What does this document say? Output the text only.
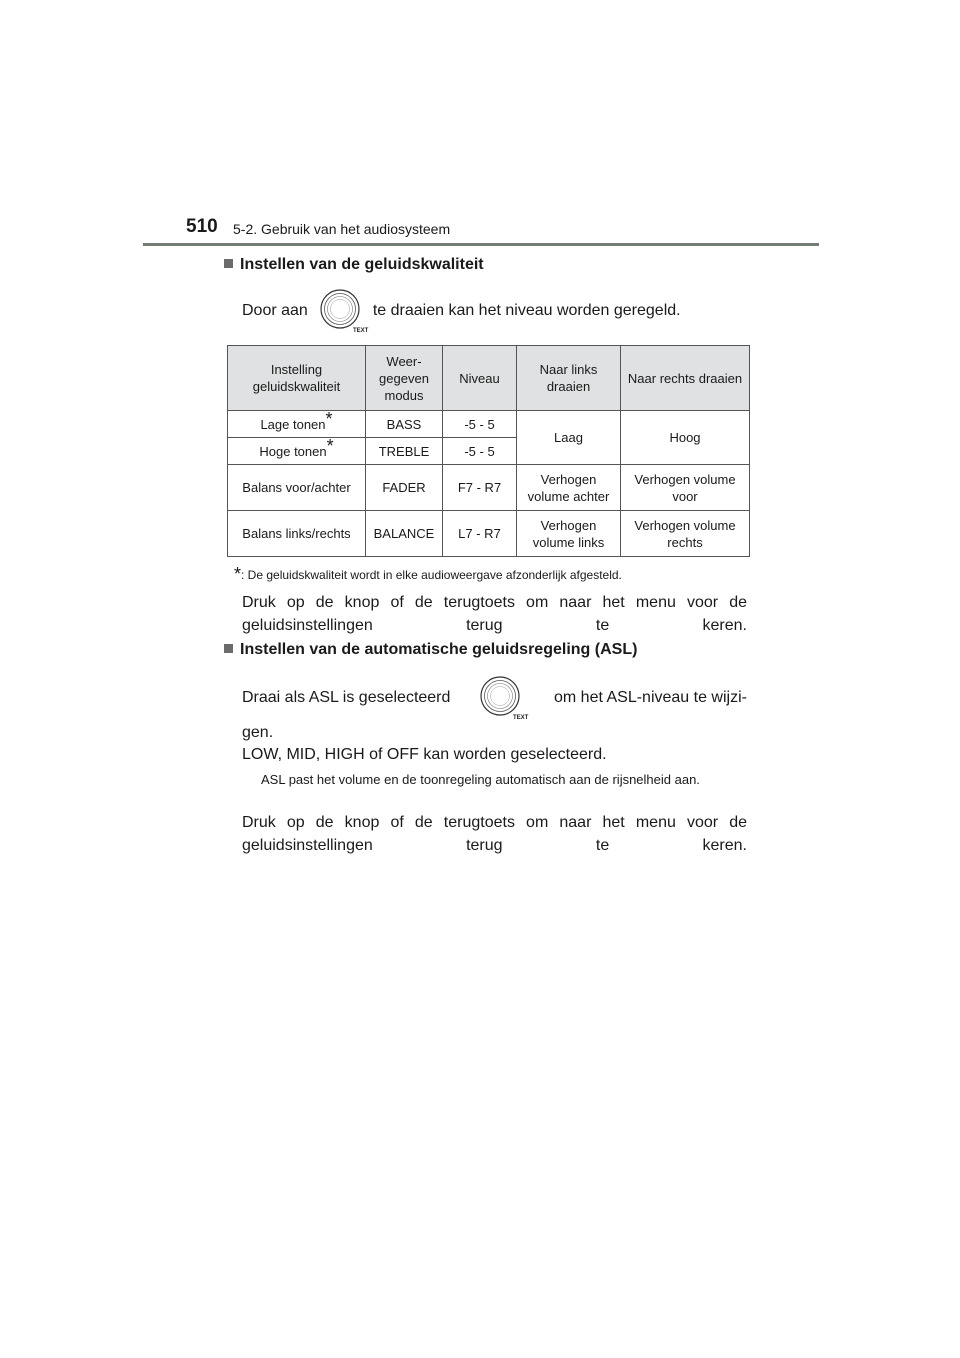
510 5-2. Gebruik van het audiosysteem
Instellen van de geluidskwaliteit
Door aan
TEXT
te draaien kan het niveau worden geregeld.
Instelling geluidskwaliteit	Weer-gegeven modus	Niveau	Naar links draaien	Naar rechts draaien
Lage tonen*	BASS	-5 - 5	Laag	Hoog
Hoge tonen*	TREBLE	-5 - 5		
Balans voor/achter	FADER	F7 - R7	Verhogen volume achter	Verhogen volume voor
Balans links/rechts	BALANCE	L7 - R7	Verhogen volume links	Verhogen volume rechts
*: De geluidskwaliteit wordt in elke audioweergave afzonderlijk afgesteld.
Druk op de knop of de terugtoets om naar het menu voor de geluidsinstellingen terug te keren.
Instellen van de automatische geluidsregeling (ASL)
Draai als ASL is geselecteerd
TEXT
om het ASL-niveau te wijzi-
gen.
LOW, MID, HIGH of OFF kan worden geselecteerd.
ASL past het volume en de toonregeling automatisch aan de rijsnelheid aan.
Druk op de knop of de terugtoets om naar het menu voor de geluidsinstellingen terug te keren.
